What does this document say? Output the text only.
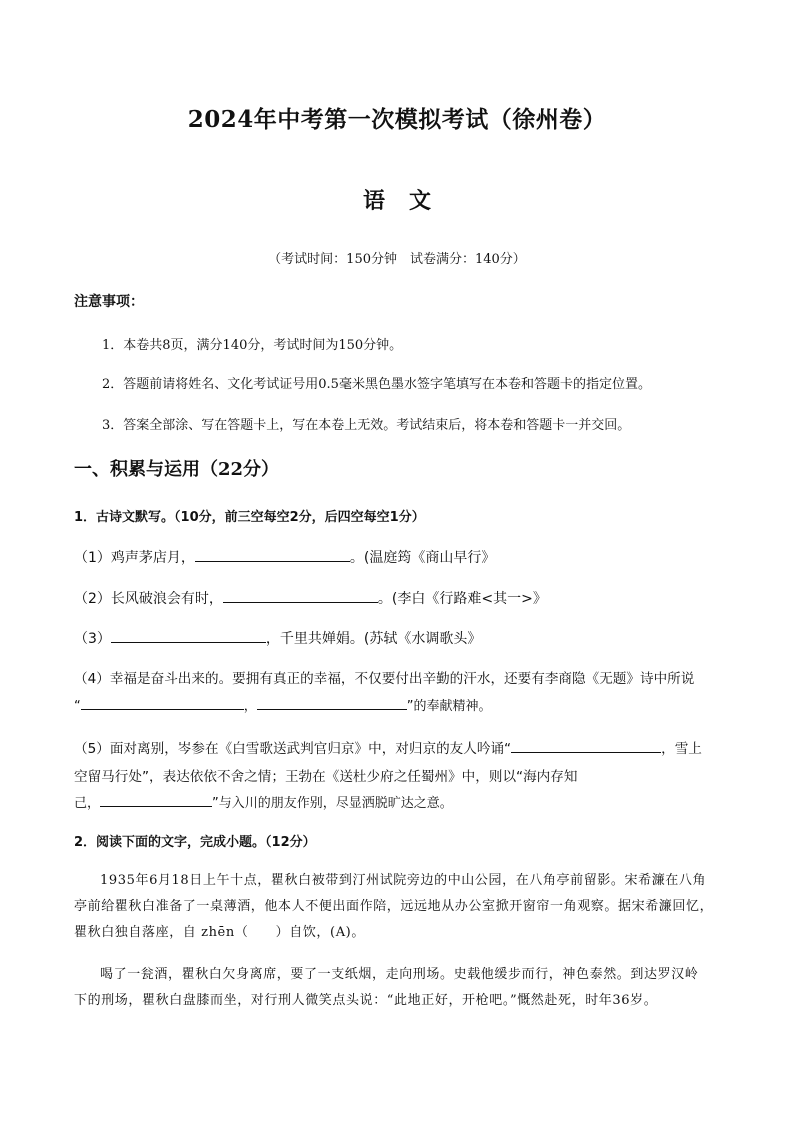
2024年中考第一次模拟考试（徐州卷）
语 文
（考试时间：150分钟　试卷满分：140分）
注意事项：
1．本卷共8页，满分140分，考试时间为150分钟。
2．答题前请将姓名、文化考试证号用0.5毫米黑色墨水签字笔填写在本卷和答题卡的指定位置。
3．答案全部涂、写在答题卡上，写在本卷上无效。考试结束后，将本卷和答题卡一并交回。
一、积累与运用（22分）
1．古诗文默写。（10分，前三空每空2分，后四空每空1分）
（1）鸡声茅店月，	。(温庭筠《商山早行》
（2）长风破浪会有时，	。(李白《行路难<其一>》
（3）	，千里共婵娟。(苏轼《水调歌头》
（4）幸福是奋斗出来的。要拥有真正的幸福，不仅要付出辛勤的汗水，还要有李商隐《无题》诗中所说
“	，	”的奉献精神。
（5）面对离别，岑参在《白雪歌送武判官归京》中，对归京的友人吟诵“	，雪上
空留马行处”，表达依依不舍之情；王勃在《送杜少府之任蜀州》中，则以“海内存知
己，	”与入川的朋友作别，尽显洒脱旷达之意。
2．阅读下面的文字，完成小题。（12分）

1935年6月18日上午十点，瞿秋白被带到汀州试院旁边的中山公园，在八角亭前留影。宋希濂在八角

亭前给瞿秋白准备了一桌薄酒，他本人不便出面作陪，远远地从办公室掀开窗帘一角观察。据宋希濂回忆，

瞿秋白独自落座，自 zhēn（　　）自饮，(A)。

喝了一瓮酒，瞿秋白欠身离席，要了一支纸烟，走向刑场。史载他缓步而行，神色泰然。到达罗汉岭

下的刑场，瞿秋白盘膝而坐，对行刑人微笑点头说：“此地正好，开枪吧。”慨然赴死，时年36岁。
